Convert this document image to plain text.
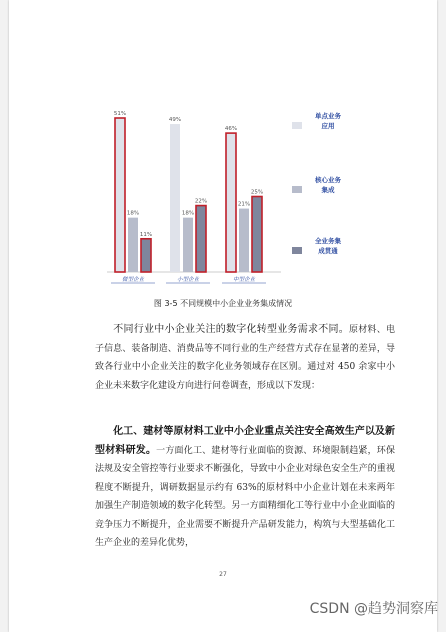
51%
18%
11%
微型企业
49%
18%
22%
小型企业
46%
21%
25%
中型企业
单点业务
应用
核心业务
集成
全业务集
成贯通
图 3-5 不同规模中小企业业务集成情况

不同行业中小企业关注的数字化转型业务需求不同。原材料、电子信息、装备制造、消费品等不同行业的生产经营方式存在显著的差异，导致各行业中小企业关注的数字化业务领域存在区别。通过对 450 余家中小企业未来数字化建设方向进行问卷调查，形成以下发现：

化工、建材等原材料工业中小企业重点关注安全高效生产以及新型材料研发。一方面化工、建材等行业面临的资源、环境限制趋紧，环保法规及安全管控等行业要求不断强化，导致中小企业对绿色安全生产的重视程度不断提升，调研数据显示约有 63%的原材料中小企业计划在未来两年加强生产制造领域的数字化转型。另一方面精细化工等行业中小企业面临的竞争压力不断提升，企业需要不断提升产品研发能力，构筑与大型基础化工生产企业的差异化优势，

27
CSDN @趋势洞察库
